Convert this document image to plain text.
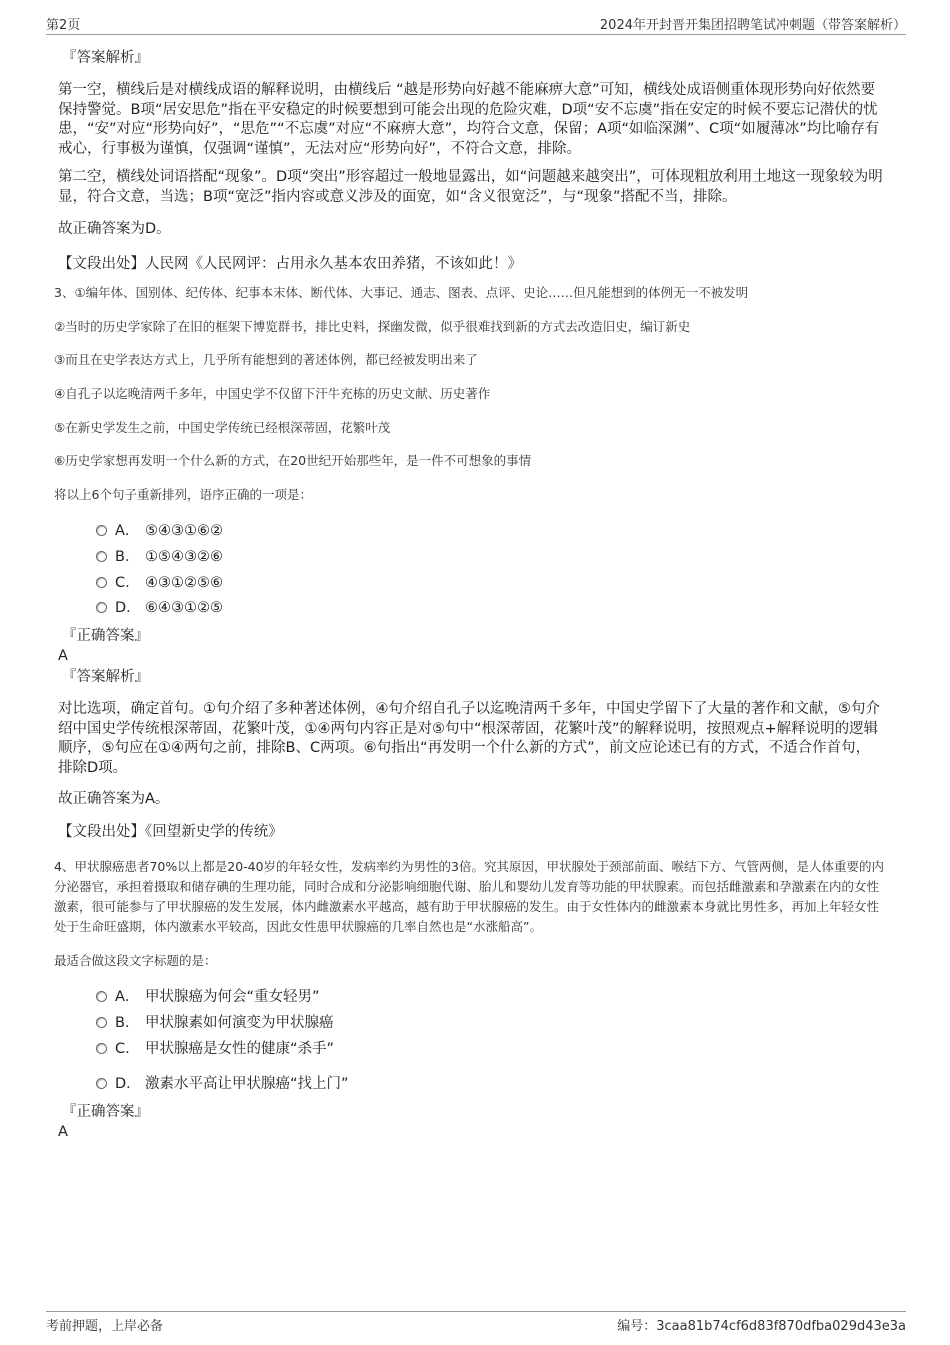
第2页	2024年开封晋开集团招聘笔试冲刺题（带答案解析）
『答案解析』
第一空，横线后是对横线成语的解释说明，由横线后 “越是形势向好越不能麻痹大意”可知，横线处成语侧重体现形势向好依然要保持警觉。B项“居安思危”指在平安稳定的时候要想到可能会出现的危险灾难，D项“安不忘虞”指在安定的时候不要忘记潜伏的忧患，“安”对应“形势向好”，“思危”“不忘虞”对应“不麻痹大意”，均符合文意，保留；A项“如临深渊”、C项“如履薄冰”均比喻存有戒心，行事极为谨慎，仅强调“谨慎”，无法对应“形势向好”，不符合文意，排除。
第二空，横线处词语搭配“现象”。D项“突出”形容超过一般地显露出，如“问题越来越突出”，可体现粗放利用土地这一现象较为明显，符合文意，当选；B项“宽泛”指内容或意义涉及的面宽，如“含义很宽泛”，与“现象”搭配不当，排除。
故正确答案为D。
【文段出处】人民网《人民网评：占用永久基本农田养猪，不该如此！》
3、①编年体、国别体、纪传体、纪事本末体、断代体、大事记、通志、图表、点评、史论……但凡能想到的体例无一不被发明
②当时的历史学家除了在旧的框架下博览群书，排比史料，探幽发微，似乎很难找到新的方式去改造旧史，编订新史
③而且在史学表达方式上，几乎所有能想到的著述体例，都已经被发明出来了
④自孔子以迄晚清两千多年，中国史学不仅留下汗牛充栋的历史文献、历史著作
⑤在新史学发生之前，中国史学传统已经根深蒂固，花繁叶茂
⑥历史学家想再发明一个什么新的方式，在20世纪开始那些年，是一件不可想象的事情
将以上6个句子重新排列，语序正确的一项是：
A． ⑤④③①⑥②
B． ①⑤④③②⑥
C． ④③①②⑤⑥
D． ⑥④③①②⑤
『正确答案』
A
『答案解析』
对比选项，确定首句。①句介绍了多种著述体例，④句介绍自孔子以迄晚清两千多年，中国史学留下了大量的著作和文献，⑤句介绍中国史学传统根深蒂固，花繁叶茂，①④两句内容正是对⑤句中“根深蒂固，花繁叶茂”的解释说明，按照观点+解释说明的逻辑顺序，⑤句应在①④两句之前，排除B、C两项。⑥句指出“再发明一个什么新的方式”，前文应论述已有的方式，不适合作首句，排除D项。
故正确答案为A。
【文段出处】《回望新史学的传统》
4、甲状腺癌患者70%以上都是20-40岁的年轻女性，发病率约为男性的3倍。究其原因，甲状腺处于颈部前面、喉结下方、气管两侧，是人体重要的内分泌器官，承担着摄取和储存碘的生理功能，同时合成和分泌影响细胞代谢、胎儿和婴幼儿发育等功能的甲状腺素。而包括雌激素和孕激素在内的女性激素，很可能参与了甲状腺癌的发生发展，体内雌激素水平越高，越有助于甲状腺癌的发生。由于女性体内的雌激素本身就比男性多，再加上年轻女性处于生命旺盛期，体内激素水平较高，因此女性患甲状腺癌的几率自然也是“水涨船高”。
最适合做这段文字标题的是：
A． 甲状腺癌为何会“重女轻男”
B． 甲状腺素如何演变为甲状腺癌
C． 甲状腺癌是女性的健康“杀手”
D． 激素水平高让甲状腺癌“找上门”
『正确答案』
A
考前押题，上岸必备	编号：3caa81b74cf6d83f870dfba029d43e3a
